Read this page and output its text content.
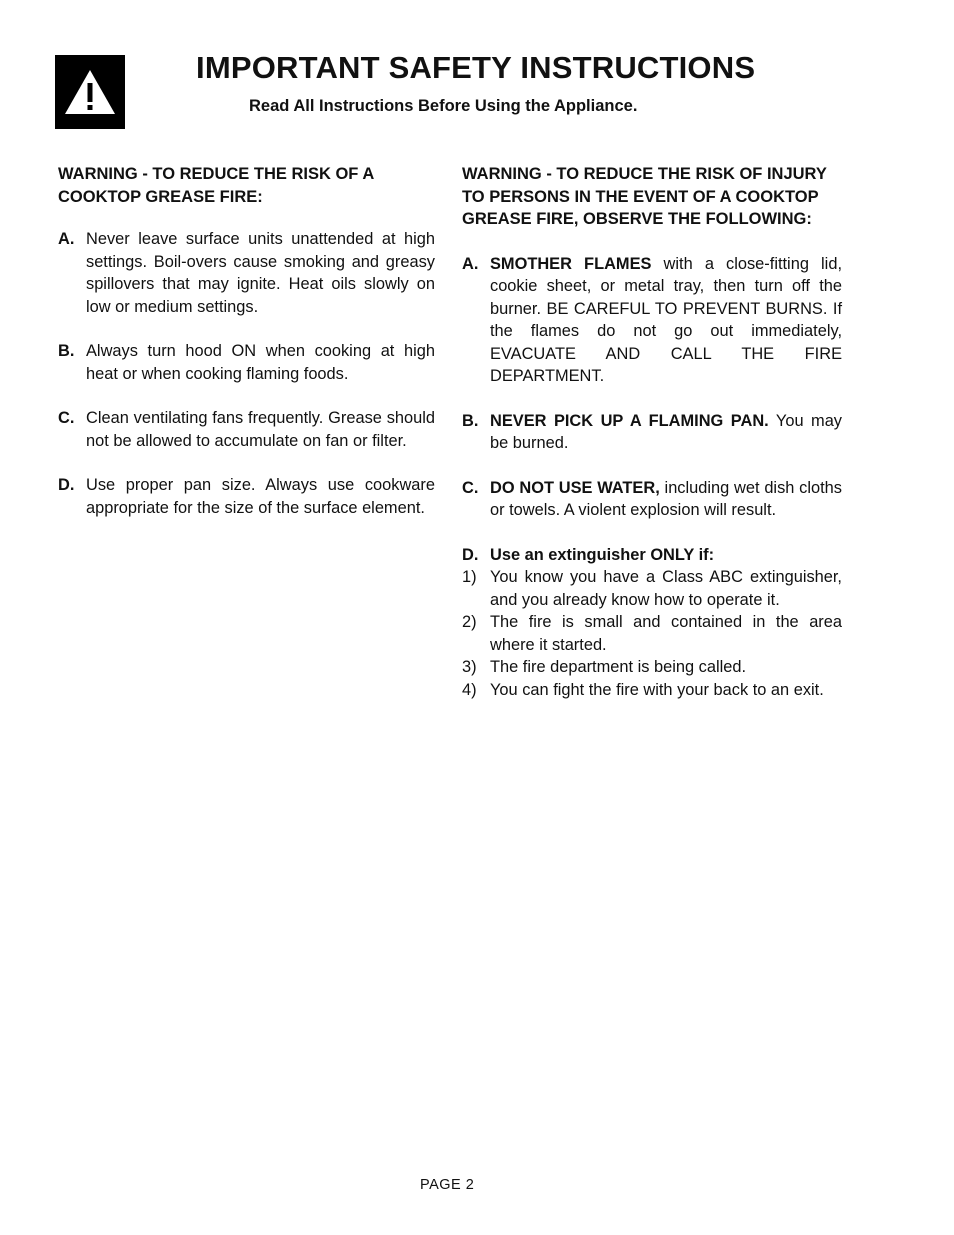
IMPORTANT SAFETY INSTRUCTIONS

Read All Instructions Before Using the Appliance.

WARNING - TO REDUCE THE RISK OF A COOKTOP GREASE FIRE:

A. Never leave surface units unattended at high settings. Boil-overs cause smoking and greasy spillovers that may ignite. Heat oils slowly on low or medium settings.
B. Always turn hood ON when cooking at high heat or when cooking flaming foods.
C. Clean ventilating fans frequently. Grease should not be allowed to accumulate on fan or filter.
D. Use proper pan size. Always use cookware appropriate for the size of the surface element.

WARNING - TO REDUCE THE RISK OF INJURY TO PERSONS IN THE EVENT OF A COOKTOP GREASE FIRE, OBSERVE THE FOLLOWING:

A. SMOTHER FLAMES with a close-fitting lid, cookie sheet, or metal tray, then turn off the burner. BE CAREFUL TO PREVENT BURNS. If the flames do not go out immediately, EVACUATE AND CALL THE FIRE DEPARTMENT.
B. NEVER PICK UP A FLAMING PAN. You may be burned.
C. DO NOT USE WATER, including wet dish cloths or towels. A violent explosion will result.
D. Use an extinguisher ONLY if:
1) You know you have a Class ABC extinguisher, and you already know how to operate it.
2) The fire is small and contained in the area where it started.
3) The fire department is being called.
4) You can fight the fire with your back to an exit.
PAGE 2
